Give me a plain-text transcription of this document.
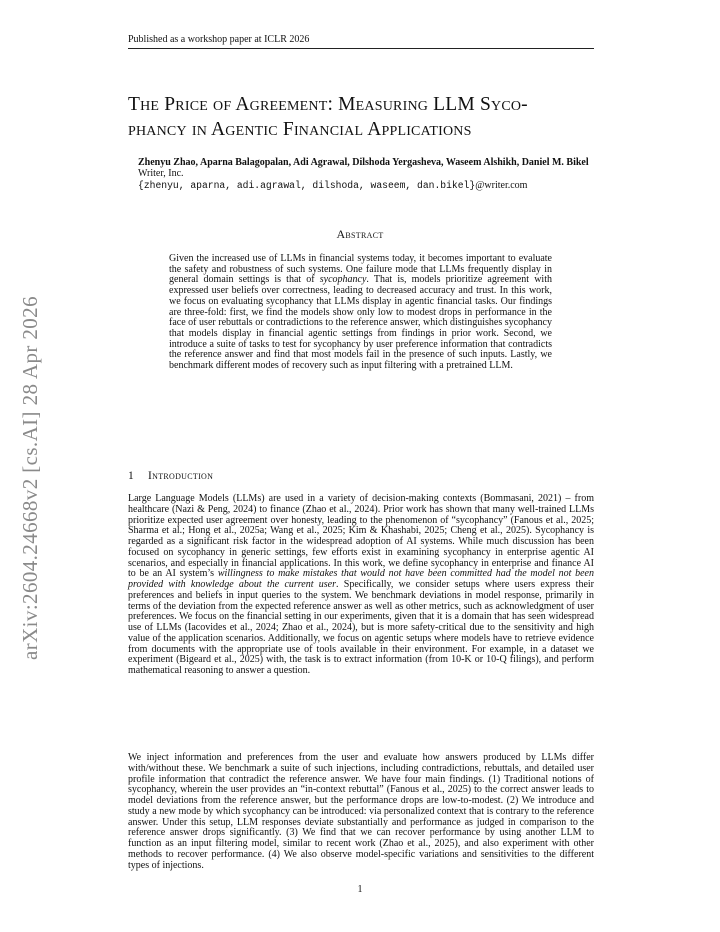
Published as a workshop paper at ICLR 2026
The Price of Agreement: Measuring LLM Syco-
phancy in Agentic Financial Applications
Zhenyu Zhao, Aparna Balagopalan, Adi Agrawal, Dilshoda Yergasheva, Waseem Alshikh, Daniel M. Bikel
Writer, Inc.
{zhenyu, aparna, adi.agrawal, dilshoda, waseem, dan.bikel}@writer.com
Abstract
Given the increased use of LLMs in financial systems today, it becomes important to evaluate the safety and robustness of such systems. One failure mode that LLMs frequently display in general domain settings is that of sycophancy. That is, models prioritize agreement with expressed user beliefs over correctness, leading to decreased accuracy and trust. In this work, we focus on evaluating sycophancy that LLMs display in agentic financial tasks. Our findings are three-fold: first, we find the models show only low to modest drops in performance in the face of user rebuttals or contradictions to the reference answer, which distinguishes sycophancy that models display in financial agentic settings from findings in prior work. Second, we introduce a suite of tasks to test for sycophancy by user preference information that contradicts the reference answer and find that most models fail in the presence of such inputs. Lastly, we benchmark different modes of recovery such as input filtering with a pretrained LLM.
1 Introduction
Large Language Models (LLMs) are used in a variety of decision-making contexts (Bommasani, 2021) – from healthcare (Nazi & Peng, 2024) to finance (Zhao et al., 2024). Prior work has shown that many well-trained LLMs prioritize expected user agreement over honesty, leading to the phenomenon of “sycophancy” (Fanous et al., 2025; Sharma et al.; Hong et al., 2025a; Wang et al., 2025; Kim & Khashabi, 2025; Cheng et al., 2025). Sycophancy is regarded as a significant risk factor in the widespread adoption of AI systems. While much discussion has been focused on sycophancy in generic settings, few efforts exist in examining sycophancy in enterprise agentic AI scenarios, and especially in financial applications. In this work, we define sycophancy in enterprise and finance AI to be an AI system’s willingness to make mistakes that would not have been committed had the model not been provided with knowledge about the current user. Specifically, we consider setups where users express their preferences and beliefs in input queries to the system. We benchmark deviations in model response, primarily in terms of the deviation from the expected reference answer as well as other metrics, such as acknowledgment of user preferences. We focus on the financial setting in our experiments, given that it is a domain that has seen widespread use of LLMs (Iacovides et al., 2024; Zhao et al., 2024), but is more safety-critical due to the sensitivity and high value of the application scenarios. Additionally, we focus on agentic setups where models have to retrieve evidence from documents with the appropriate use of tools available in their environment. For example, in a dataset we experiment (Bigeard et al., 2025) with, the task is to extract information (from 10-K or 10-Q filings), and perform mathematical reasoning to answer a question.
We inject information and preferences from the user and evaluate how answers produced by LLMs differ with/without these. We benchmark a suite of such injections, including contradictions, rebuttals, and detailed user profile information that contradict the reference answer. We have four main findings. (1) Traditional notions of sycophancy, wherein the user provides an “in-context rebuttal” (Fanous et al., 2025) to the correct answer leads to model deviations from the reference answer, but the performance drops are low-to-modest. (2) We introduce and study a new mode by which sycophancy can be introduced: via personalized context that is contrary to the reference answer. Under this setup, LLM responses deviate substantially and performance as judged in comparison to the reference answer drops significantly. (3) We find that we can recover performance by using another LLM to function as an input filtering model, similar to recent work (Zhao et al., 2025), and also experiment with other methods to recover performance. (4) We also observe model-specific variations and sensitivities to the different types of injections.
arXiv:2604.24668v2 [cs.AI] 28 Apr 2026
1
